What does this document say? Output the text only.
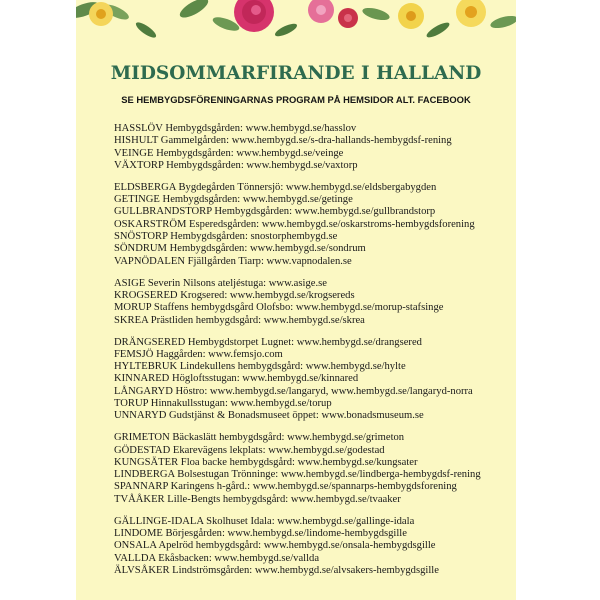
MIDSOMMARFIRANDE I HALLAND

SE HEMBYGDSFÖRENINGARNAS PROGRAM PÅ HEMSIDOR ALT. FACEBOOK

HASSLÖV Hembygdsgården: www.hembygd.se/hasslov
HISHULT Gammelgården: www.hembygd.se/s-dra-hallands-hembygdsf-rening
VEINGE Hembygdsgården: www.hembygd.se/veinge
VÄXTORP Hembygdsgården: www.hembygd.se/vaxtorp
ELDSBERGA Bygdegården Tönnersjö: www.hembygd.se/eldsbergabygden
GETINGE Hembygdsgården: www.hembygd.se/getinge
GULLBRANDSTORP Hembygdsgården: www.hembygd.se/gullbrandstorp
OSKARSTRÖM Esperedsgården: www.hembygd.se/oskarstroms-hembygdsforening
SNÖSTORP Hembygdsgården: snostorphembygd.se
SÖNDRUM Hembygdsgården: www.hembygd.se/sondrum
VAPNÖDALEN Fjällgården Tiarp: www.vapnodalen.se
ASIGE Severin Nilsons ateljéstuga: www.asige.se
KROGSERED Krogsered: www.hembygd.se/krogsereds
MORUP Staffens hembygdsgård Olofsbo: www.hembygd.se/morup-stafsinge
SKREA Prästliden hembygdsgård: www.hembygd.se/skrea
DRÄNGSERED Hembygdstorpet Lugnet: www.hembygd.se/drangsered
FEMSJÖ Haggården: www.femsjo.com
HYLTEBRUK Lindekullens hembygdsgård: www.hembygd.se/hylte
KINNARED Högloftsstugan: www.hembygd.se/kinnared
LÅNGARYD Höstro: www.hembygd.se/langaryd, www.hembygd.se/langaryd-norra
TORUP Hinnakullsstugan: www.hembygd.se/torup
UNNARYD Gudstjänst & Bonadsmuseet öppet: www.bonadsmuseum.se
GRIMETON Bäckaslätt hembygdsgård: www.hembygd.se/grimeton
GÖDESTAD Ekarevägens lekplats: www.hembygd.se/godestad
KUNGSÄTER Floa backe hembygdsgård: www.hembygd.se/kungsater
LINDBERGA Bolsestugan Trönninge: www.hembygd.se/lindberga-hembygdsf-rening
SPANNARP Karingens h-gård.: www.hembygd.se/spannarps-hembygdsforening
TVÅÅKER Lille-Bengts hembygdsgård: www.hembygd.se/tvaaker
GÄLLINGE-IDALA Skolhuset Idala: www.hembygd.se/gallinge-idala
LINDOME Börjesgården: www.hembygd.se/lindome-hembygdsgille
ONSALA Apelröd hembygdsgård: www.hembygd.se/onsala-hembygdsgille
VALLDA Ekåsbacken: www.hembygd.se/vallda
ÄLVSÅKER Lindströmsgården: www.hembygd.se/alvsakers-hembygdsgille
